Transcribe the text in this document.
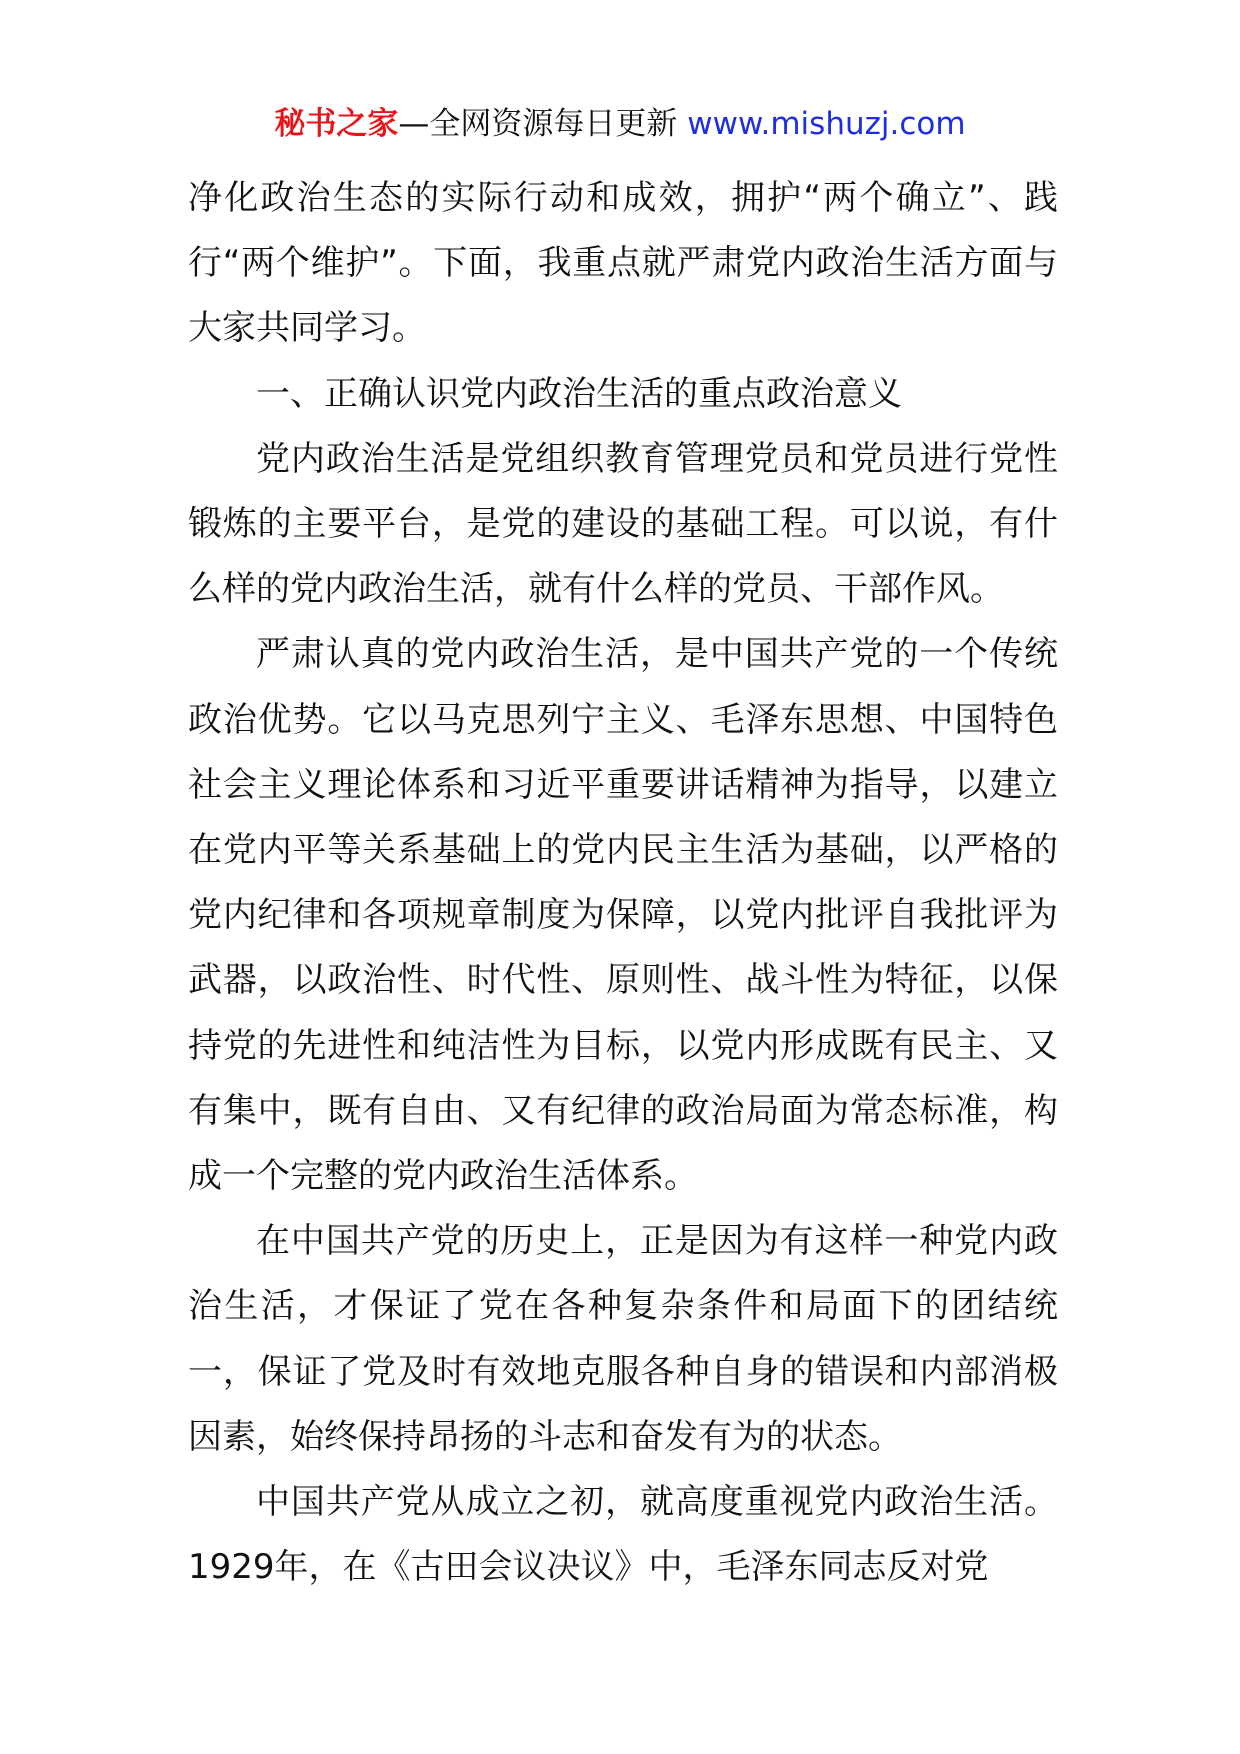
秘书之家—全网资源每日更新 www.mishuzj.com

净化政治生态的实际行动和成效，拥护“两个确立”、践行“两个维护”。下面，我重点就严肃党内政治生活方面与大家共同学习。

一、正确认识党内政治生活的重点政治意义

党内政治生活是党组织教育管理党员和党员进行党性锻炼的主要平台，是党的建设的基础工程。可以说，有什么样的党内政治生活，就有什么样的党员、干部作风。

严肃认真的党内政治生活，是中国共产党的一个传统政治优势。它以马克思列宁主义、毛泽东思想、中国特色社会主义理论体系和习近平重要讲话精神为指导，以建立在党内平等关系基础上的党内民主生活为基础，以严格的党内纪律和各项规章制度为保障，以党内批评自我批评为武器，以政治性、时代性、原则性、战斗性为特征，以保持党的先进性和纯洁性为目标，以党内形成既有民主、又有集中，既有自由、又有纪律的政治局面为常态标准，构成一个完整的党内政治生活体系。

在中国共产党的历史上，正是因为有这样一种党内政治生活，才保证了党在各种复杂条件和局面下的团结统一，保证了党及时有效地克服各种自身的错误和内部消极因素，始终保持昂扬的斗志和奋发有为的状态。

中国共产党从成立之初，就高度重视党内政治生活。1929年，在《古田会议决议》中，毛泽东同志反对党
